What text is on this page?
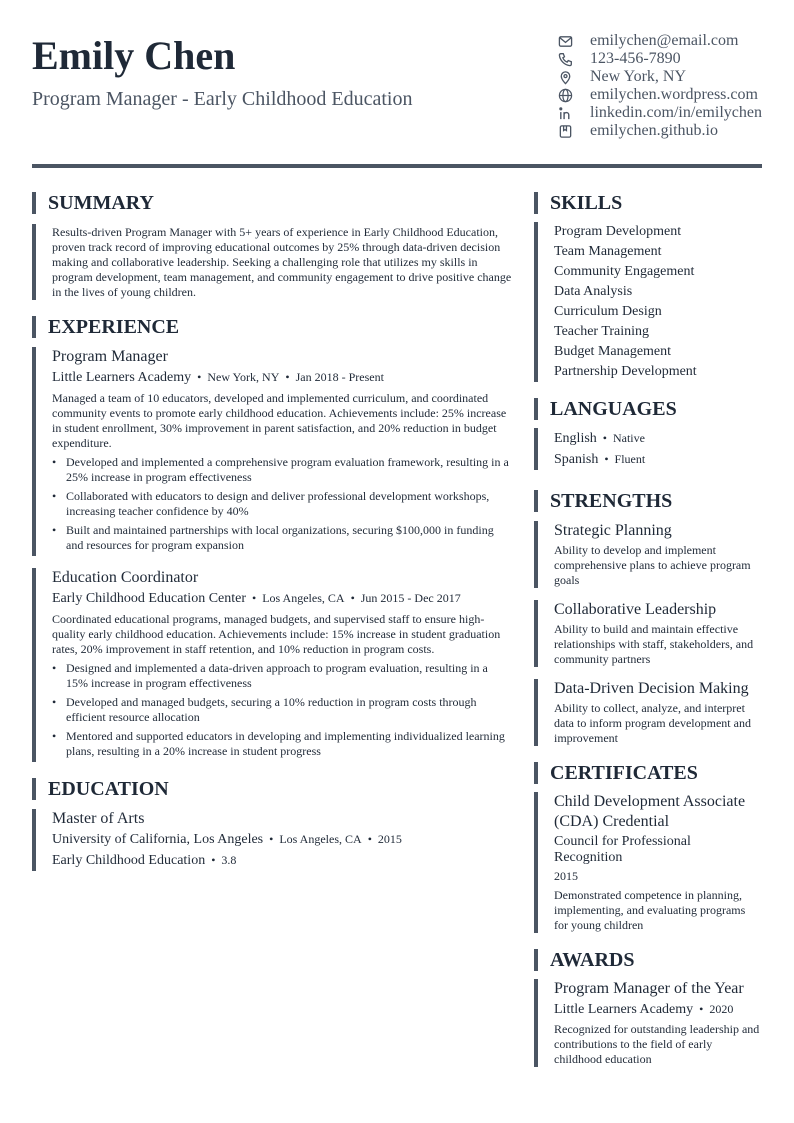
Emily Chen
Program Manager - Early Childhood Education
emilychen@email.com
123-456-7890
New York, NY
emilychen.wordpress.com
linkedin.com/in/emilychen
emilychen.github.io
SUMMARY
Results-driven Program Manager with 5+ years of experience in Early Childhood Education, proven track record of improving educational outcomes by 25% through data-driven decision making and collaborative leadership. Seeking a challenging role that utilizes my skills in program development, team management, and community engagement to drive positive change in the lives of young children.
EXPERIENCE
Program Manager
Little Learners Academy • New York, NY • Jan 2018 - Present
Managed a team of 10 educators, developed and implemented curriculum, and coordinated community events to promote early childhood education. Achievements include: 25% increase in student enrollment, 30% improvement in parent satisfaction, and 20% reduction in budget expenditure.
• Developed and implemented a comprehensive program evaluation framework, resulting in a 25% increase in program effectiveness
• Collaborated with educators to design and deliver professional development workshops, increasing teacher confidence by 40%
• Built and maintained partnerships with local organizations, securing $100,000 in funding and resources for program expansion
Education Coordinator
Early Childhood Education Center • Los Angeles, CA • Jun 2015 - Dec 2017
Coordinated educational programs, managed budgets, and supervised staff to ensure high-quality early childhood education. Achievements include: 15% increase in student graduation rates, 20% improvement in staff retention, and 10% reduction in program costs.
• Designed and implemented a data-driven approach to program evaluation, resulting in a 15% increase in program effectiveness
• Developed and managed budgets, securing a 10% reduction in program costs through efficient resource allocation
• Mentored and supported educators in developing and implementing individualized learning plans, resulting in a 20% increase in student progress
EDUCATION
Master of Arts
University of California, Los Angeles • Los Angeles, CA • 2015
Early Childhood Education • 3.8
SKILLS
Program Development
Team Management
Community Engagement
Data Analysis
Curriculum Design
Teacher Training
Budget Management
Partnership Development
LANGUAGES
English • Native
Spanish • Fluent
STRENGTHS
Strategic Planning
Ability to develop and implement comprehensive plans to achieve program goals
Collaborative Leadership
Ability to build and maintain effective relationships with staff, stakeholders, and community partners
Data-Driven Decision Making
Ability to collect, analyze, and interpret data to inform program development and improvement
CERTIFICATES
Child Development Associate (CDA) Credential
Council for Professional Recognition
2015
Demonstrated competence in planning, implementing, and evaluating programs for young children
AWARDS
Program Manager of the Year
Little Learners Academy • 2020
Recognized for outstanding leadership and contributions to the field of early childhood education
